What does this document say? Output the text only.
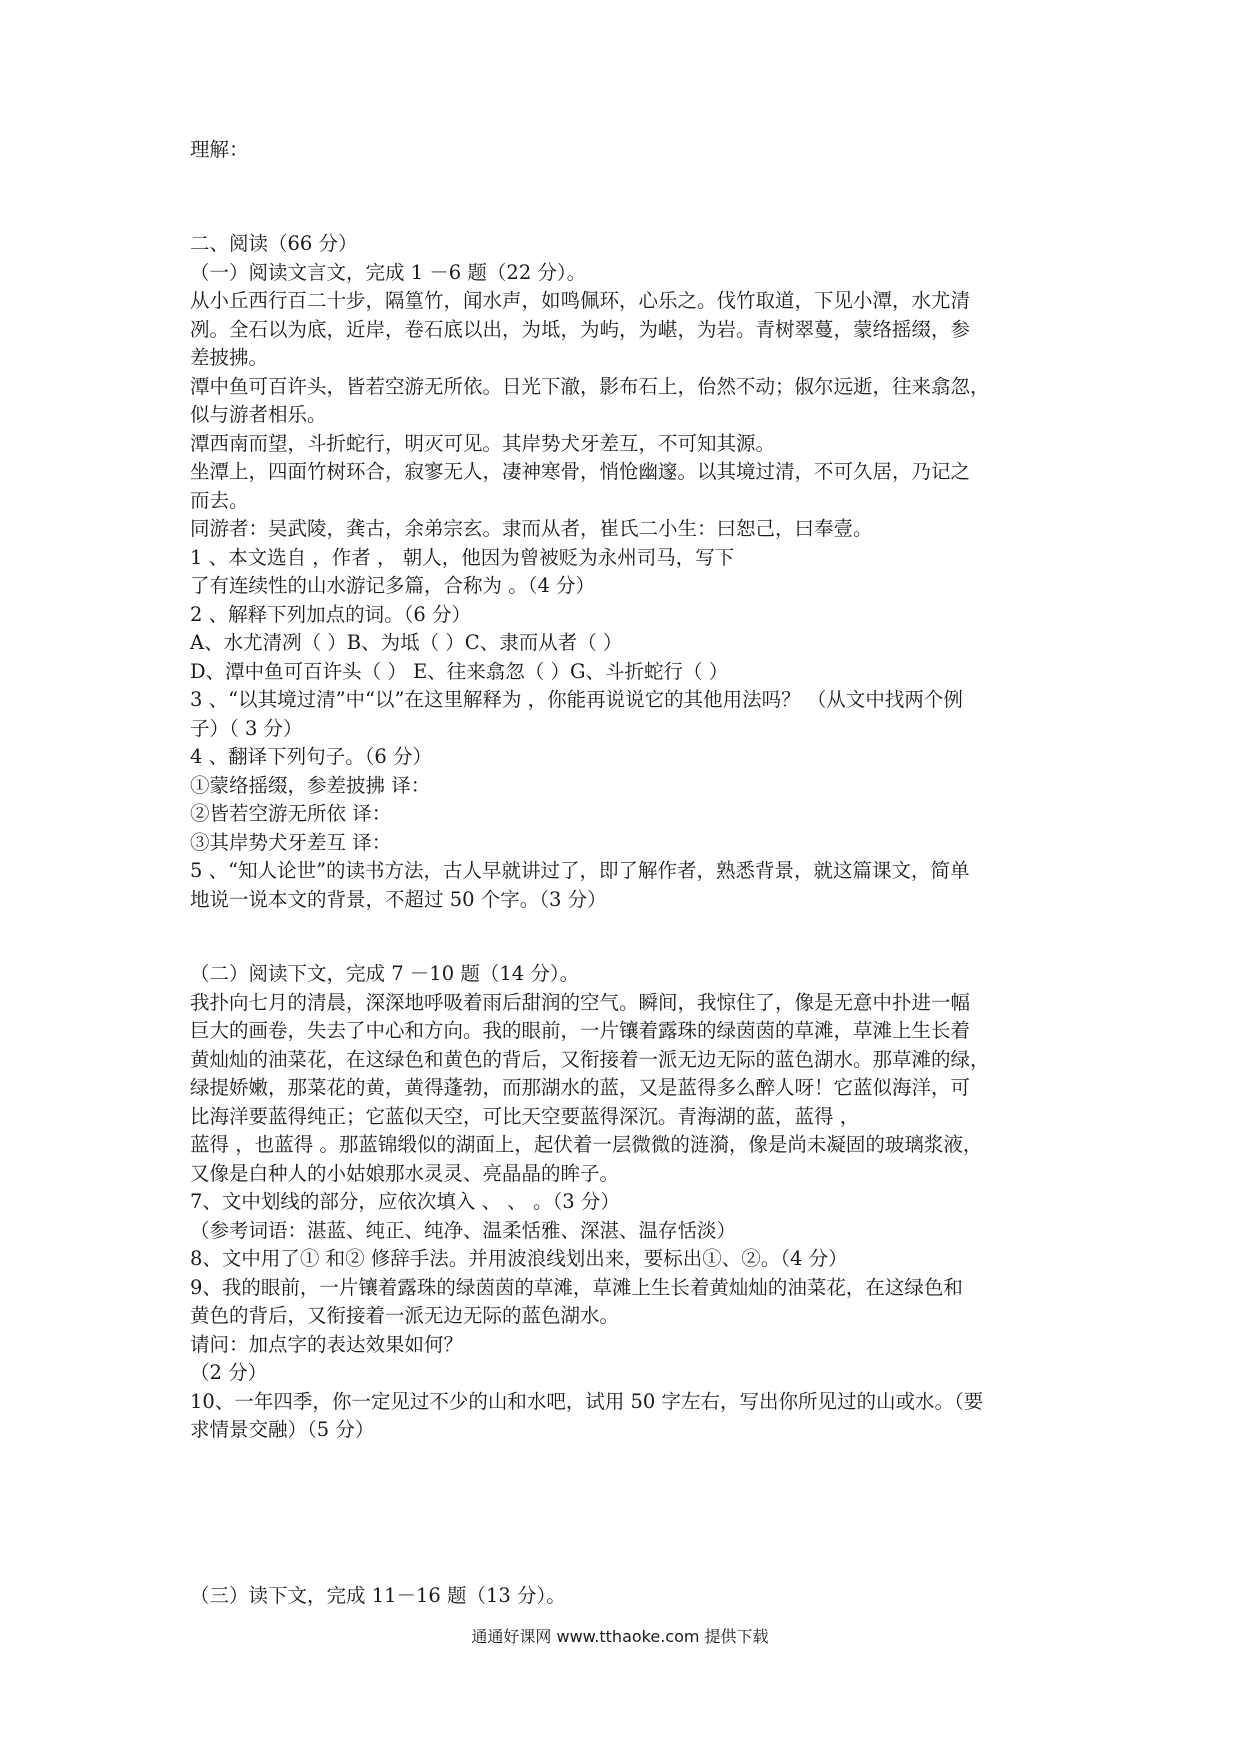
理解：
二、阅读（66 分）
（一）阅读文言文，完成 1 －6 题（22 分）。
从小丘西行百二十步，隔篁竹，闻水声，如鸣佩环，心乐之。伐竹取道，下见小潭，水尤清
冽。全石以为底，近岸，卷石底以出，为坻，为屿，为嵁，为岩。青树翠蔓，蒙络摇缀，参
差披拂。
潭中鱼可百许头，皆若空游无所依。日光下澈，影布石上，佁然不动；俶尔远逝，往来翕忽，
似与游者相乐。
潭西南而望，斗折蛇行，明灭可见。其岸势犬牙差互，不可知其源。
坐潭上，四面竹树环合，寂寥无人，凄神寒骨，悄怆幽邃。以其境过清，不可久居，乃记之
而去。
同游者：吴武陵，龚古，余弟宗玄。隶而从者，崔氏二小生：曰恕己，曰奉壹。
1 、本文选自 ，作者 ， 朝人，他因为曾被贬为永州司马，写下
了有连续性的山水游记多篇，合称为 。（4 分）
2 、解释下列加点的词。（6 分）
A、水尤清冽（ ）B、为坻（ ）C、隶而从者（ ）
D、潭中鱼可百许头（ ） E、往来翕忽（ ）G、斗折蛇行（ ）
3 、“以其境过清”中“以”在这里解释为 ，你能再说说它的其他用法吗？ （从文中找两个例
子）（ 3 分）
4 、翻译下列句子。（6 分）
①蒙络摇缀，参差披拂 译：
②皆若空游无所依 译：
③其岸势犬牙差互 译：
5 、“知人论世”的读书方法，古人早就讲过了，即了解作者，熟悉背景，就这篇课文，简单
地说一说本文的背景，不超过 50 个字。（3 分）
（二）阅读下文，完成 7 －10 题（14 分）。
我扑向七月的清晨，深深地呼吸着雨后甜润的空气。瞬间，我惊住了，像是无意中扑进一幅
巨大的画卷，失去了中心和方向。我的眼前，一片镶着露珠的绿茵茵的草滩，草滩上生长着
黄灿灿的油菜花，在这绿色和黄色的背后，又衔接着一派无边无际的蓝色湖水。那草滩的绿，
绿提娇嫩，那菜花的黄，黄得蓬勃，而那湖水的蓝，又是蓝得多么醉人呀！它蓝似海洋，可
比海洋要蓝得纯正；它蓝似天空，可比天空要蓝得深沉。青海湖的蓝，蓝得 ，
蓝得 ，也蓝得 。那蓝锦缎似的湖面上，起伏着一层微微的涟漪，像是尚未凝固的玻璃浆液，
又像是白种人的小姑娘那水灵灵、亮晶晶的眸子。
7、文中划线的部分，应依次填入 、 、 。（3 分）
（参考词语：湛蓝、纯正、纯净、温柔恬雅、深湛、温存恬淡）
8、文中用了① 和② 修辞手法。并用波浪线划出来，要标出①、②。（4 分）
9、我的眼前，一片镶着露珠的绿茵茵的草滩，草滩上生长着黄灿灿的油菜花，在这绿色和
黄色的背后，又衔接着一派无边无际的蓝色湖水。
请问：加点字的表达效果如何？
（2 分）
10、一年四季，你一定见过不少的山和水吧，试用 50 字左右，写出你所见过的山或水。（要
求情景交融）（5 分）
（三）读下文，完成 11－16 题（13 分）。
通通好课网 www.tthaoke.com 提供下载
